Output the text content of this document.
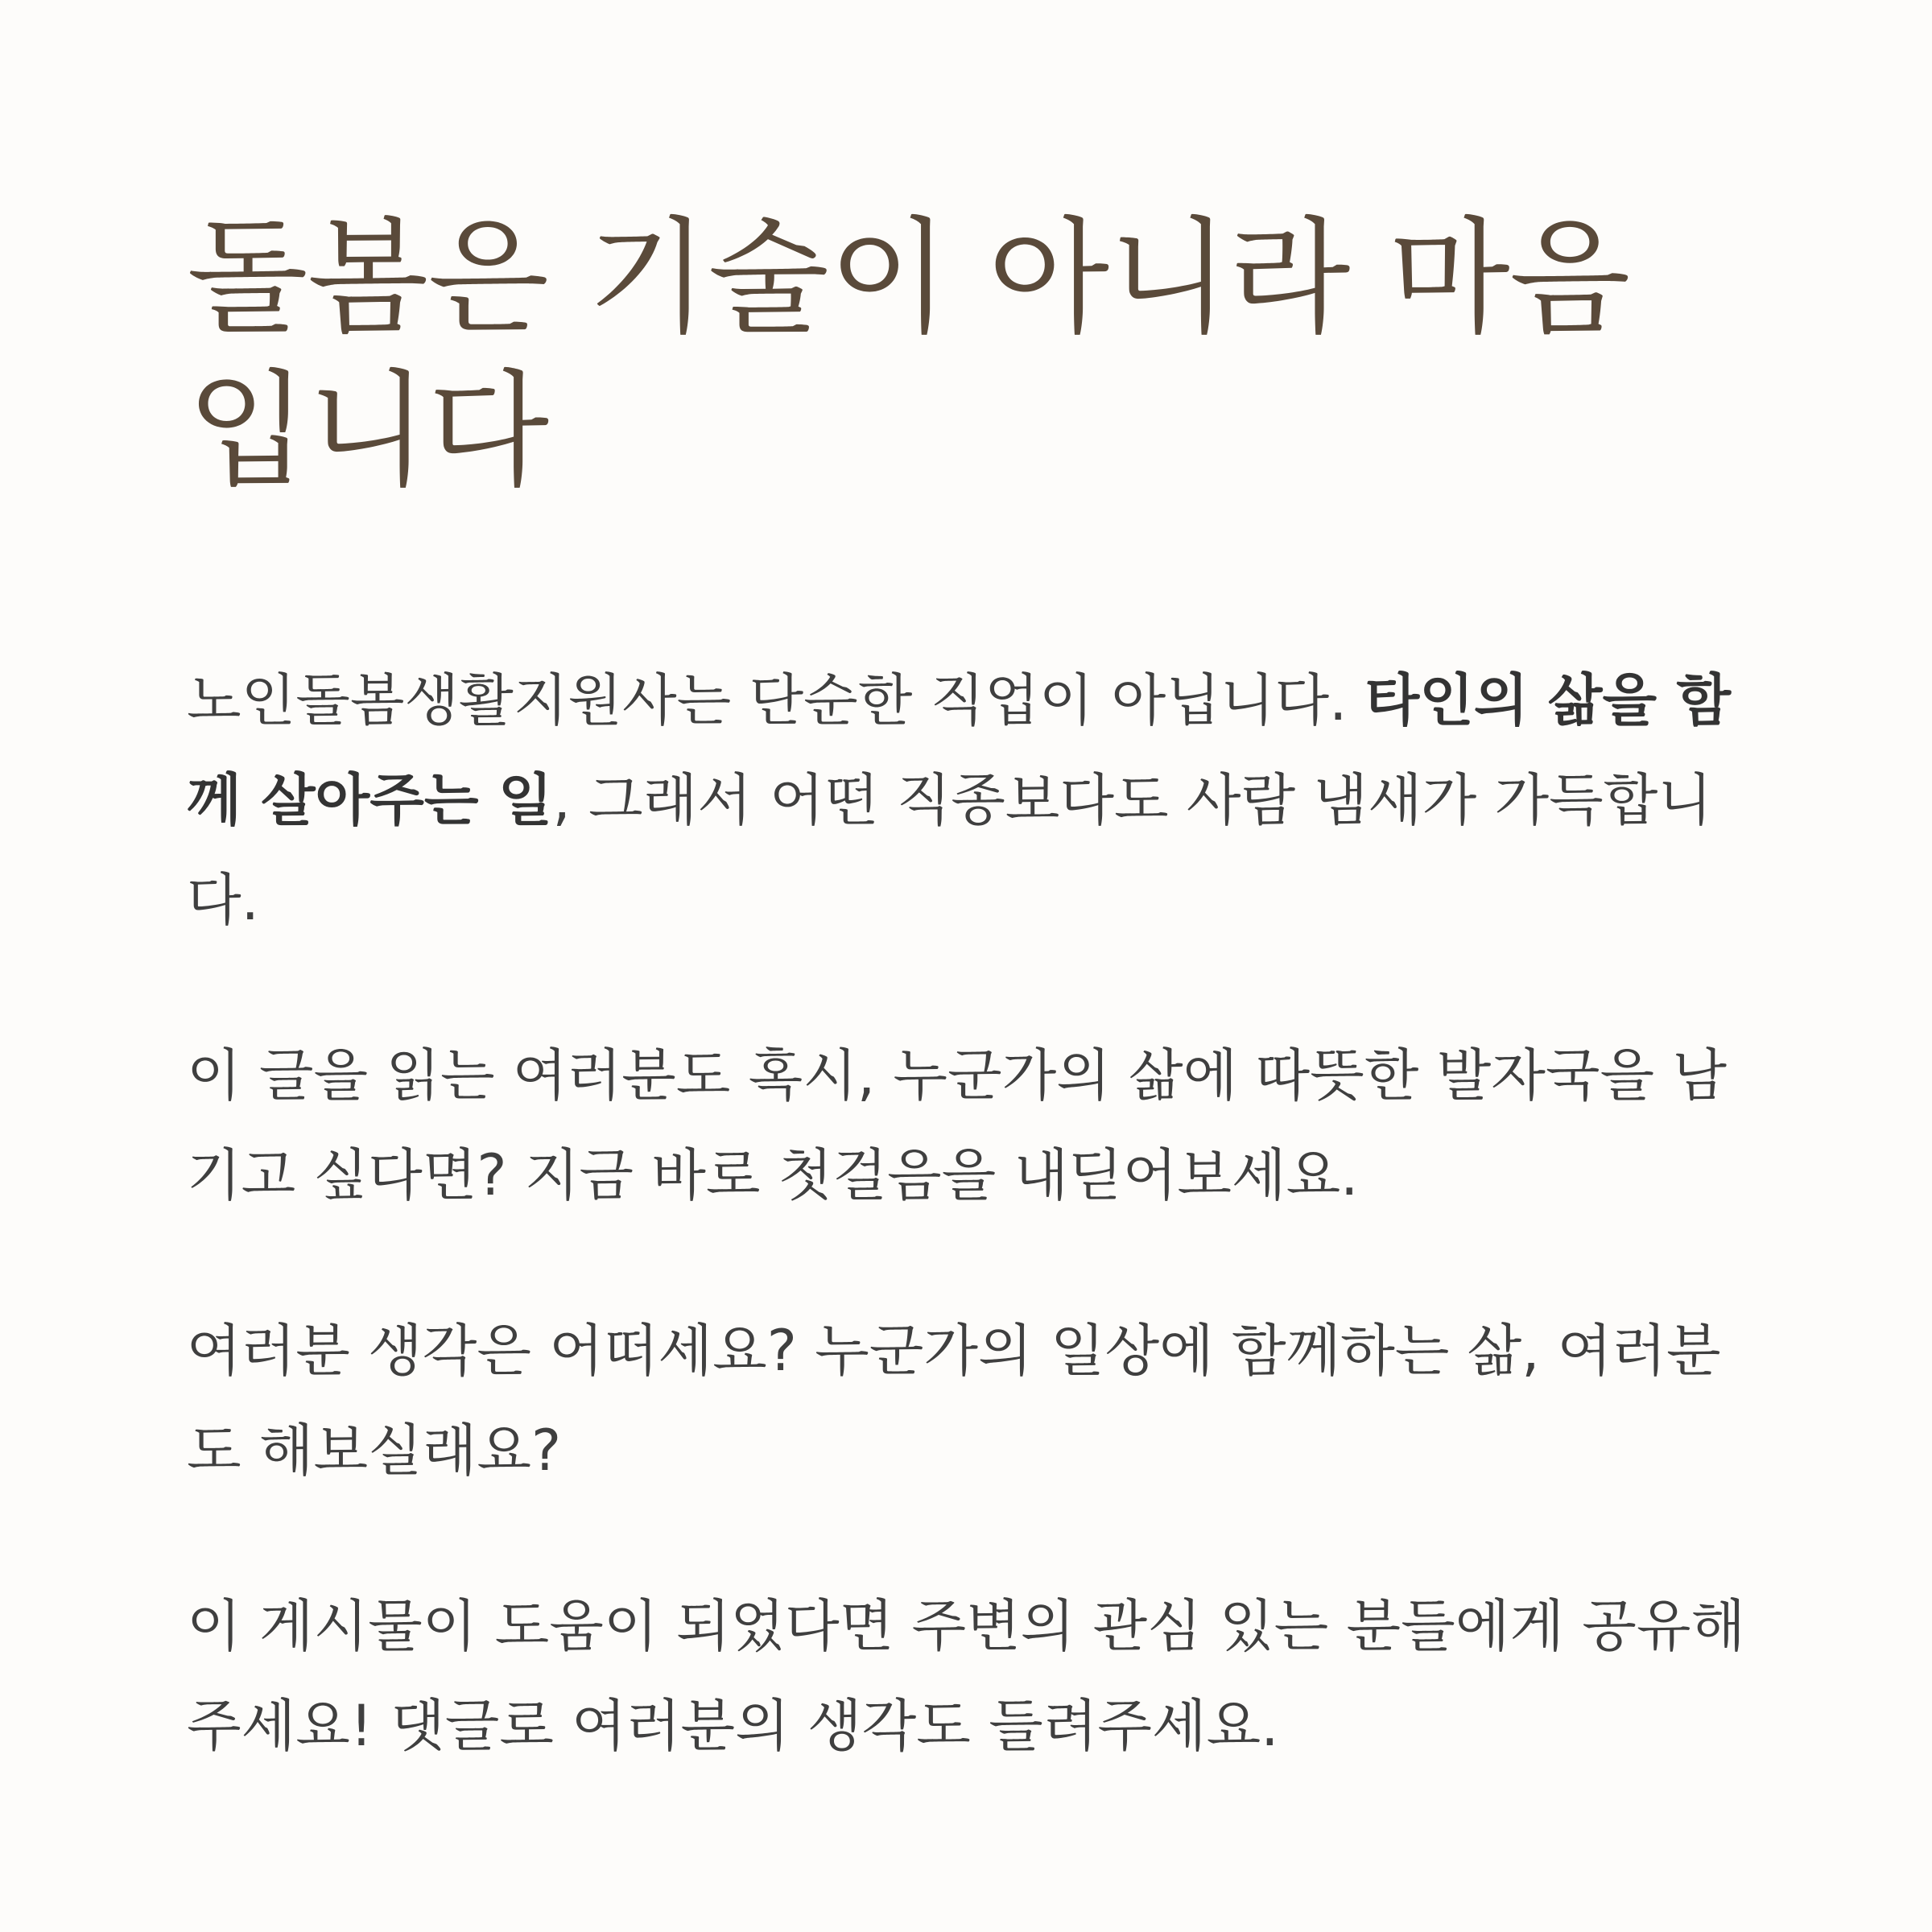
돌봄은 기술이 아니라 마음입니다

노인돌봄생활지원사는 단순한 직업이 아닙니다. 타인의 삶을 함께 살아주는 일, 그래서 어떤 직종보다도 사람 냄새가 가득합니다.

이 글을 읽는 여러분도 혹시, 누군가의 삶에 따뜻한 발자국을 남기고 싶다면? 지금 바로 첫걸음을 내딛어보세요.

여러분 생각은 어떠세요? 누군가의 일상에 함께하는 삶, 여러분도 해보실래요?

이 게시물이 도움이 되었다면 주변의 관심 있는 분들에게 공유해주세요! 댓글로 여러분의 생각도 들려주세요.
